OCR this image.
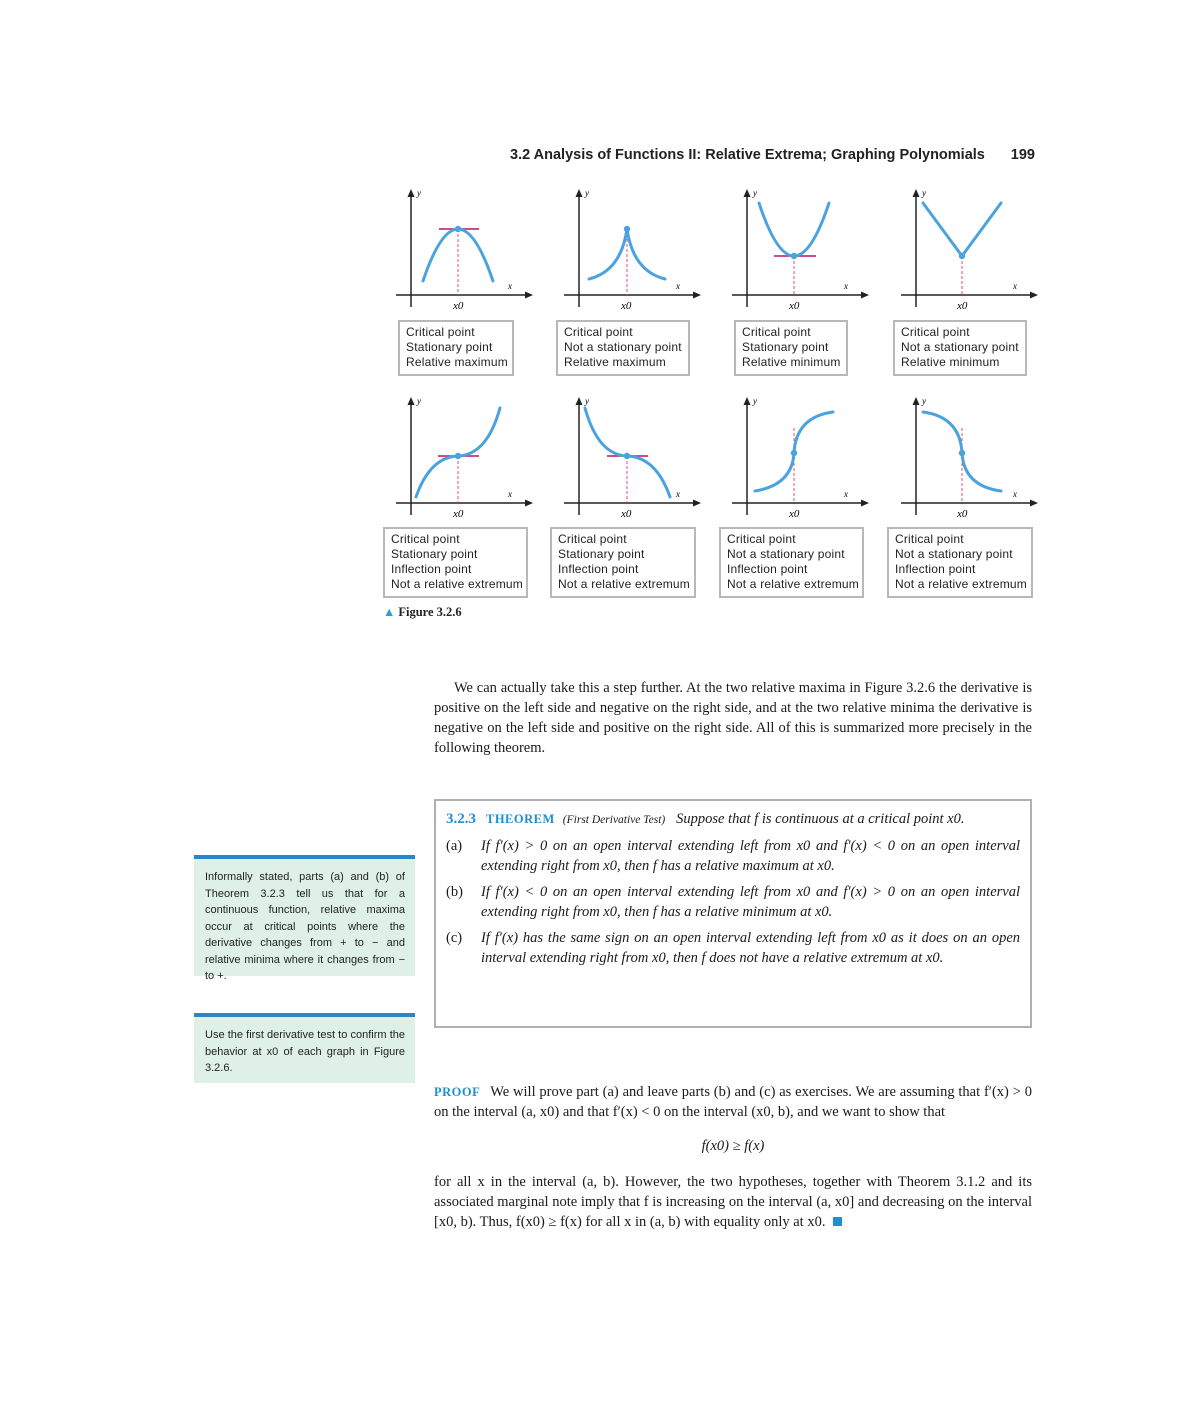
3.2 Analysis of Functions II: Relative Extrema; Graphing Polynomials 199
x0
x
y
x0
x
y
x0
x
y
x0
x
y
Critical point
Stationary point
Relative maximum
Critical point
Not a stationary point
Relative maximum
Critical point
Stationary point
Relative minimum
Critical point
Not a stationary point
Relative minimum
x0
x
y
x0
x
y
x0
x
y
x0
x
y
Critical point
Stationary point
Inflection point
Not a relative extremum
Critical point
Stationary point
Inflection point
Not a relative extremum
Critical point
Not a stationary point
Inflection point
Not a relative extremum
Critical point
Not a stationary point
Inflection point
Not a relative extremum
▲ Figure 3.2.6
We can actually take this a step further. At the two relative maxima in Figure 3.2.6 the derivative is positive on the left side and negative on the right side, and at the two relative minima the derivative is negative on the left side and positive on the right side. All of this is summarized more precisely in the following theorem.
3.2.3 THEOREM (First Derivative Test) Suppose that f is continuous at a critical point x0.
(a) If f′(x) > 0 on an open interval extending left from x0 and f′(x) < 0 on an open interval extending right from x0, then f has a relative maximum at x0.
(b) If f′(x) < 0 on an open interval extending left from x0 and f′(x) > 0 on an open interval extending right from x0, then f has a relative minimum at x0.
(c) If f′(x) has the same sign on an open interval extending left from x0 as it does on an open interval extending right from x0, then f does not have a relative extremum at x0.
Informally stated, parts (a) and (b) of Theorem 3.2.3 tell us that for a continuous function, relative maxima occur at critical points where the derivative changes from + to − and relative minima where it changes from − to +.
Use the first derivative test to confirm the behavior at x0 of each graph in Figure 3.2.6.
PROOF We will prove part (a) and leave parts (b) and (c) as exercises. We are assuming that f′(x) > 0 on the interval (a, x0) and that f′(x) < 0 on the interval (x0, b), and we want to show that
f(x0) ≥ f(x)
for all x in the interval (a, b). However, the two hypotheses, together with Theorem 3.1.2 and its associated marginal note imply that f is increasing on the interval (a, x0] and decreasing on the interval [x0, b). Thus, f(x0) ≥ f(x) for all x in (a, b) with equality only at x0.
